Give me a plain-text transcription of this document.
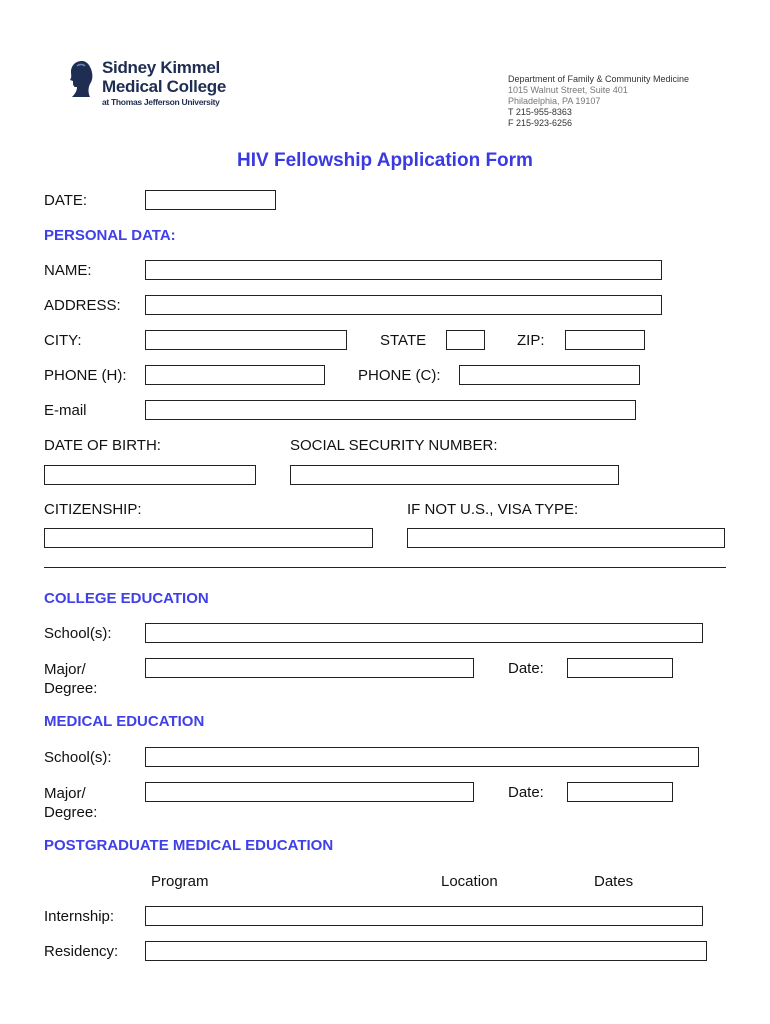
Sidney Kimmel
Medical College
at Thomas Jefferson University
Department of Family & Community Medicine
1015 Walnut Street, Suite 401
Philadelphia, PA 19107
T 215-955-8363
F 215-923-6256
HIV Fellowship Application Form
DATE:
PERSONAL DATA:
NAME:
ADDRESS:
CITY:	STATE	ZIP:
PHONE (H):	PHONE (C):
E-mail
DATE OF BIRTH:	SOCIAL SECURITY NUMBER:
CITIZENSHIP:	IF NOT U.S., VISA TYPE:
COLLEGE EDUCATION
School(s):
Major/
Degree:
Date:
MEDICAL EDUCATION
School(s):
Major/
Degree:
Date:
POSTGRADUATE MEDICAL EDUCATION
Program	Location	Dates
Internship:
Residency:
